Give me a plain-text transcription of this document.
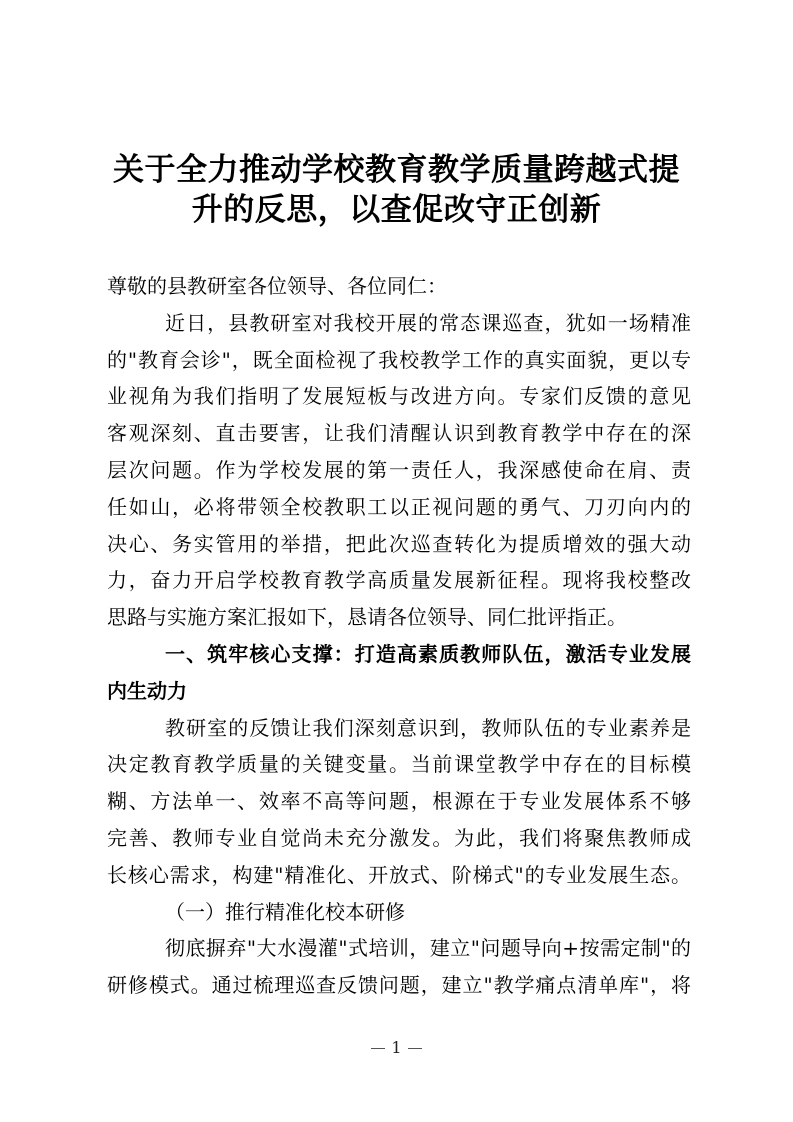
关于全力推动学校教育教学质量跨越式提
升的反思，以查促改守正创新
尊敬的县教研室各位领导、各位同仁：
近日，县教研室对我校开展的常态课巡查，犹如一场精准
的"教育会诊"，既全面检视了我校教学工作的真实面貌，更以专
业视角为我们指明了发展短板与改进方向。专家们反馈的意见
客观深刻、直击要害，让我们清醒认识到教育教学中存在的深
层次问题。作为学校发展的第一责任人，我深感使命在肩、责
任如山，必将带领全校教职工以正视问题的勇气、刀刃向内的
决心、务实管用的举措，把此次巡查转化为提质增效的强大动
力，奋力开启学校教育教学高质量发展新征程。现将我校整改
思路与实施方案汇报如下，恳请各位领导、同仁批评指正。
一、筑牢核心支撑：打造高素质教师队伍，激活专业发展
内生动力
教研室的反馈让我们深刻意识到，教师队伍的专业素养是
决定教育教学质量的关键变量。当前课堂教学中存在的目标模
糊、方法单一、效率不高等问题，根源在于专业发展体系不够
完善、教师专业自觉尚未充分激发。为此，我们将聚焦教师成
长核心需求，构建"精准化、开放式、阶梯式"的专业发展生态。
（一）推行精准化校本研修
彻底摒弃"大水漫灌"式培训，建立"问题导向+按需定制"的
研修模式。通过梳理巡查反馈问题，建立"教学痛点清单库"，将
1
